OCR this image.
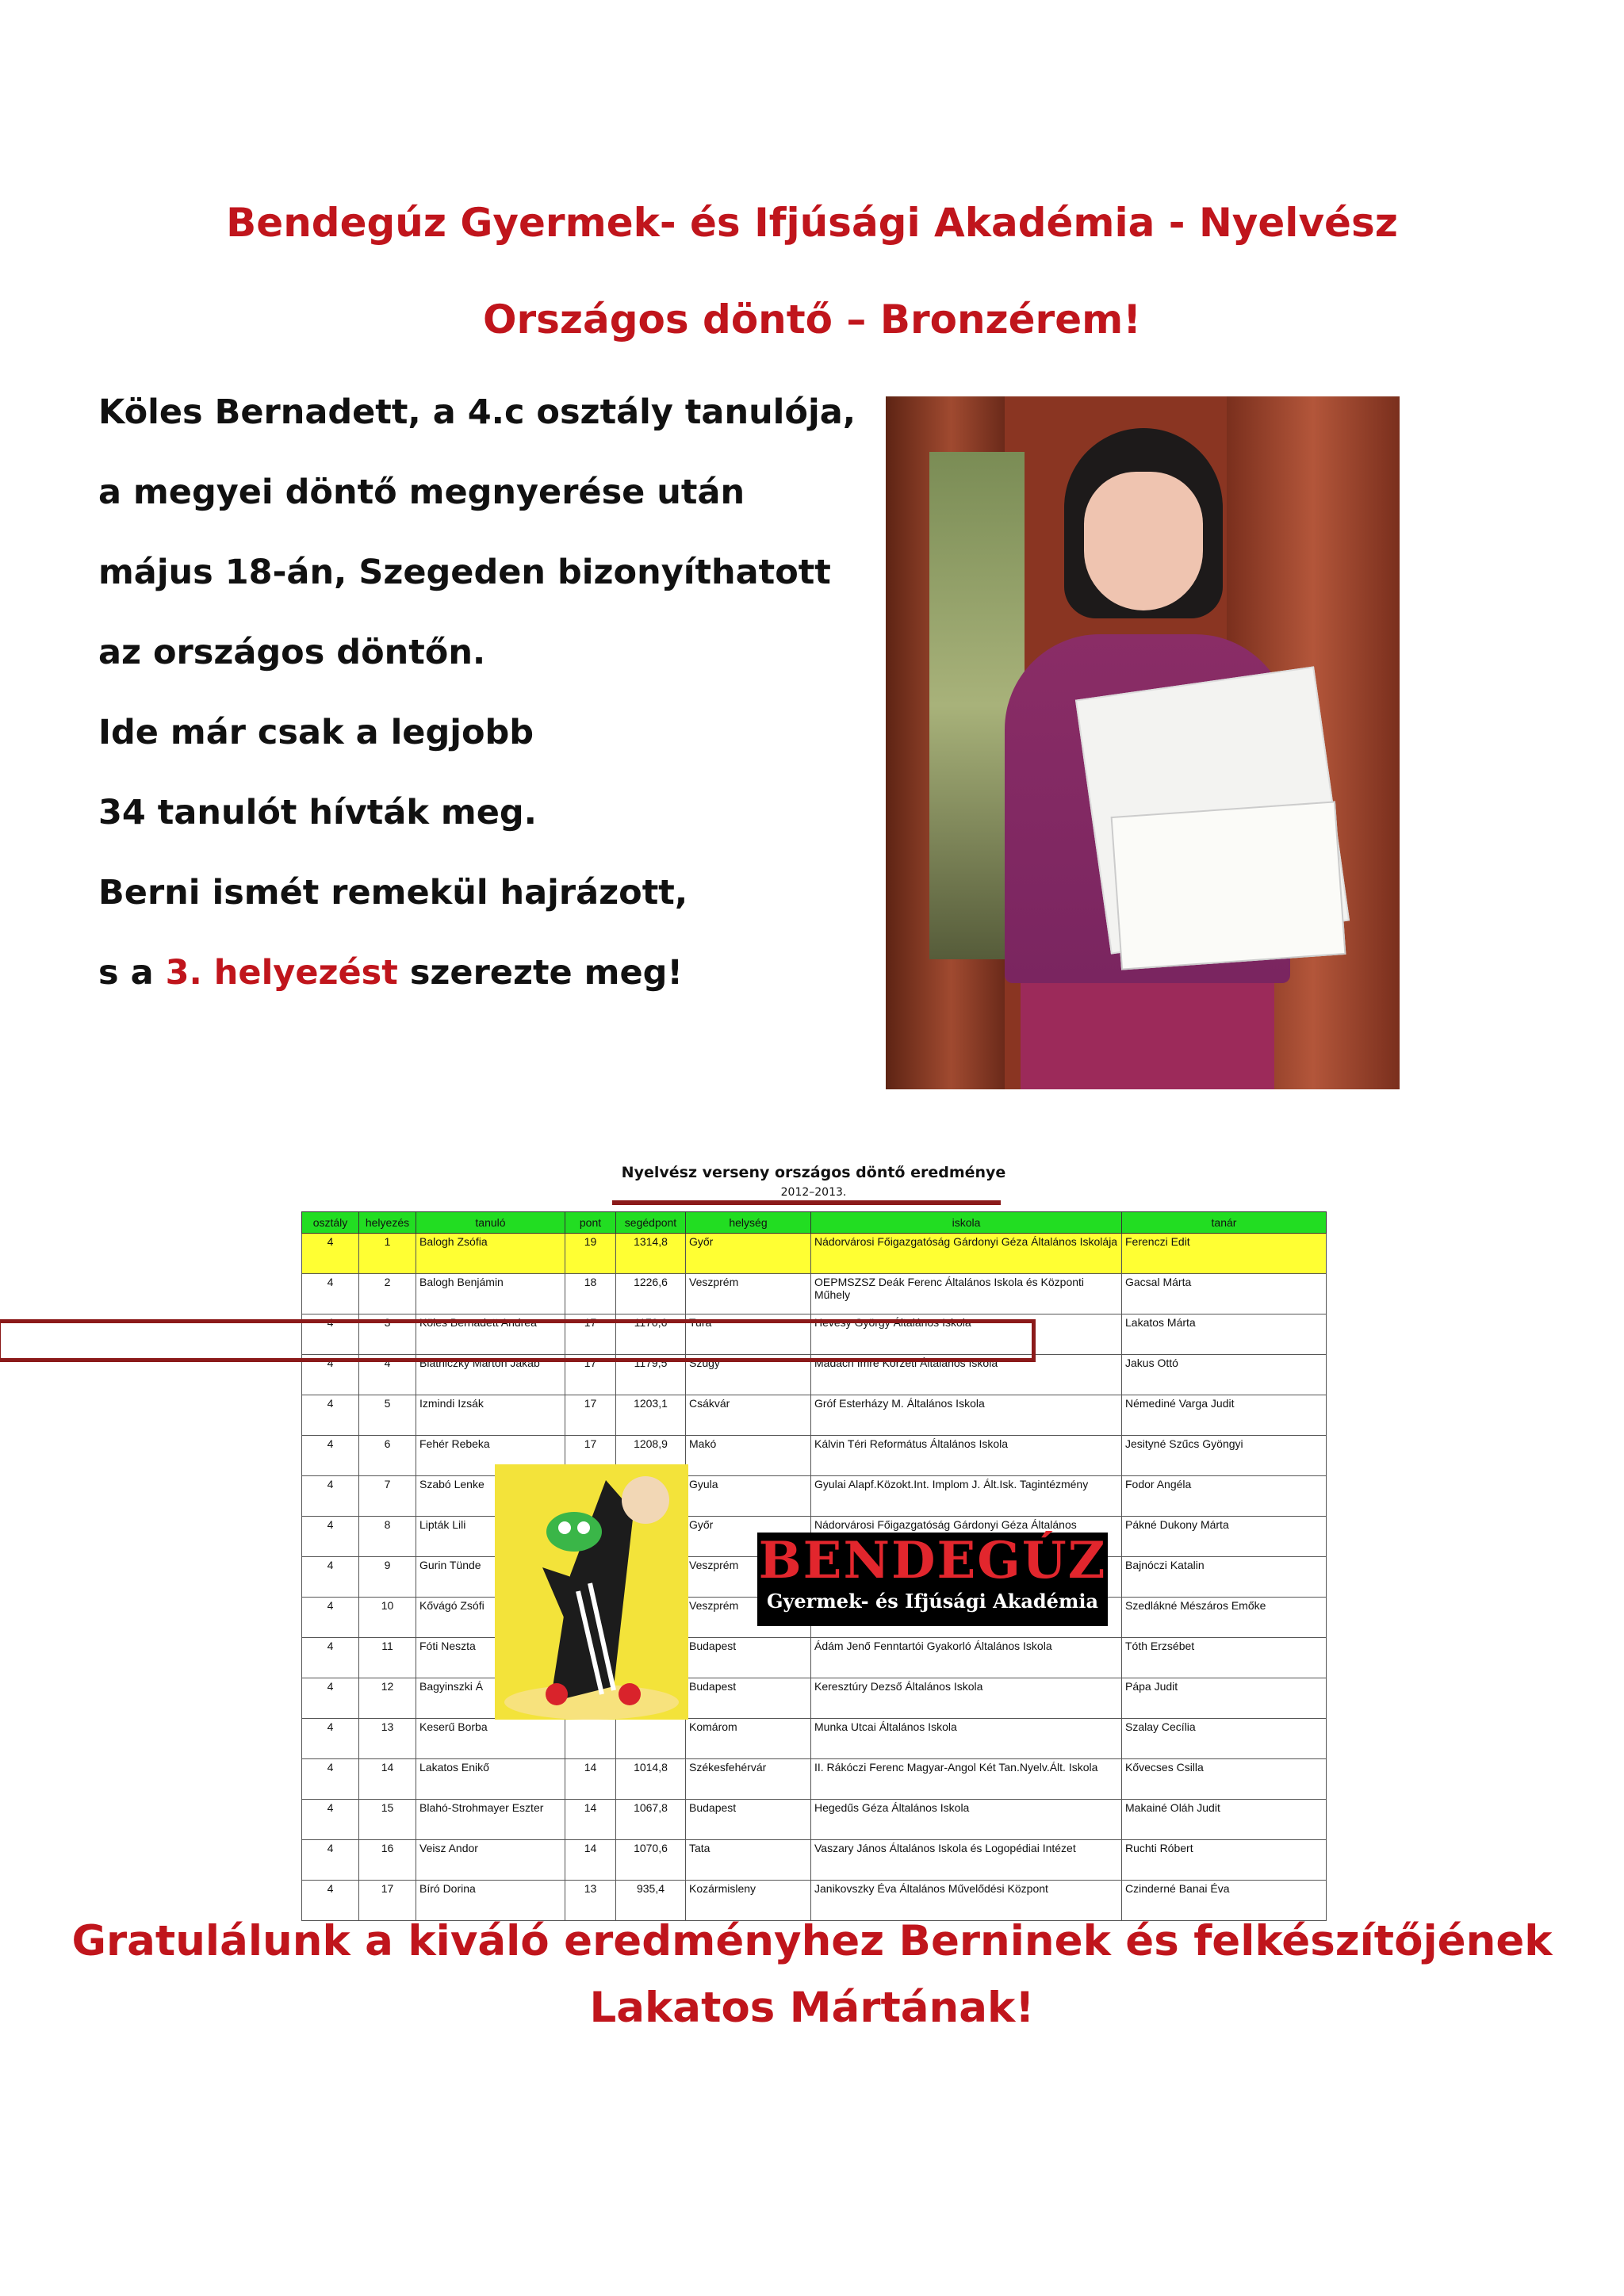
Bendegúz Gyermek- és Ifjúsági Akadémia - Nyelvész
Országos döntő – Bronzérem!

Köles Bernadett, a 4.c osztály tanulója,

a megyei döntő megnyerése után

május 18-án, Szegeden bizonyíthatott

az országos döntőn.

Ide már csak a legjobb

34 tanulót hívták meg.

Berni ismét remekül hajrázott,

s a 3. helyezést szerezte meg!

Nyelvész verseny országos döntő eredménye
2012–2013.
osztály	helyezés	tanuló	pont	segédpont	helység	iskola	tanár
4	1	Balogh Zsófia	19	1314,8	Győr	Nádorvárosi Főigazgatóság Gárdonyi Géza Általános Iskolája	Ferenczi Edit
4	2	Balogh Benjámin	18	1226,6	Veszprém	OEPMSZSZ Deák Ferenc Általános Iskola és Központi Műhely	Gacsal Márta
4	3	Köles Bernadett Andrea	17	1170,6	Tura	Hevesy György Általános Iskola	Lakatos Márta
4	4	Blatniczky Márton Jakab	17	1179,5	Szügy	Madách Imre Körzeti Általános Iskola	Jakus Ottó
4	5	Izmindi Izsák	17	1203,1	Csákvár	Gróf Esterházy M. Általános Iskola	Némediné Varga Judit
4	6	Fehér Rebeka	17	1208,9	Makó	Kálvin Téri Református Általános Iskola	Jesityné Szűcs Gyöngyi
4	7	Szabó Lenke			Gyula	Gyulai Alapf.Közokt.Int. Implom J. Ált.Isk. Tagintézmény	Fodor Angéla
4	8	Lipták Lili			Győr	Nádorvárosi Főigazgatóság Gárdonyi Géza Általános	Pákné Dukony Márta
4	9	Gurin Tünde			Veszprém		Bajnóczi Katalin
4	10	Kővágó Zsófi			Veszprém		Szedlákné Mészáros Emőke
4	11	Fóti Neszta			Budapest	Ádám Jenő Fenntartói Gyakorló Általános Iskola	Tóth Erzsébet
4	12	Bagyinszki Á			Budapest	Keresztúry Dezső Általános Iskola	Pápa Judit
4	13	Keserű Borba			Komárom	Munka Utcai Általános Iskola	Szalay Cecília
4	14	Lakatos Enikő	14	1014,8	Székesfehérvár	II. Rákóczi Ferenc Magyar-Angol Két Tan.Nyelv.Ált. Iskola	Kővecses Csilla
4	15	Blahó-Strohmayer Eszter	14	1067,8	Budapest	Hegedűs Géza Általános Iskola	Makainé Oláh Judit
4	16	Veisz Andor	14	1070,6	Tata	Vaszary János Általános Iskola és Logopédiai Intézet	Ruchti Róbert
4	17	Bíró Dorina	13	935,4	Kozármisleny	Janikovszky Éva Általános Művelődési Központ	Czinderné Banai Éva
BENDEGÚZ
Gyermek- és Ifjúsági Akadémia
Gratulálunk a kiváló eredményhez Berninek és felkészítőjének
Lakatos Mártának!
